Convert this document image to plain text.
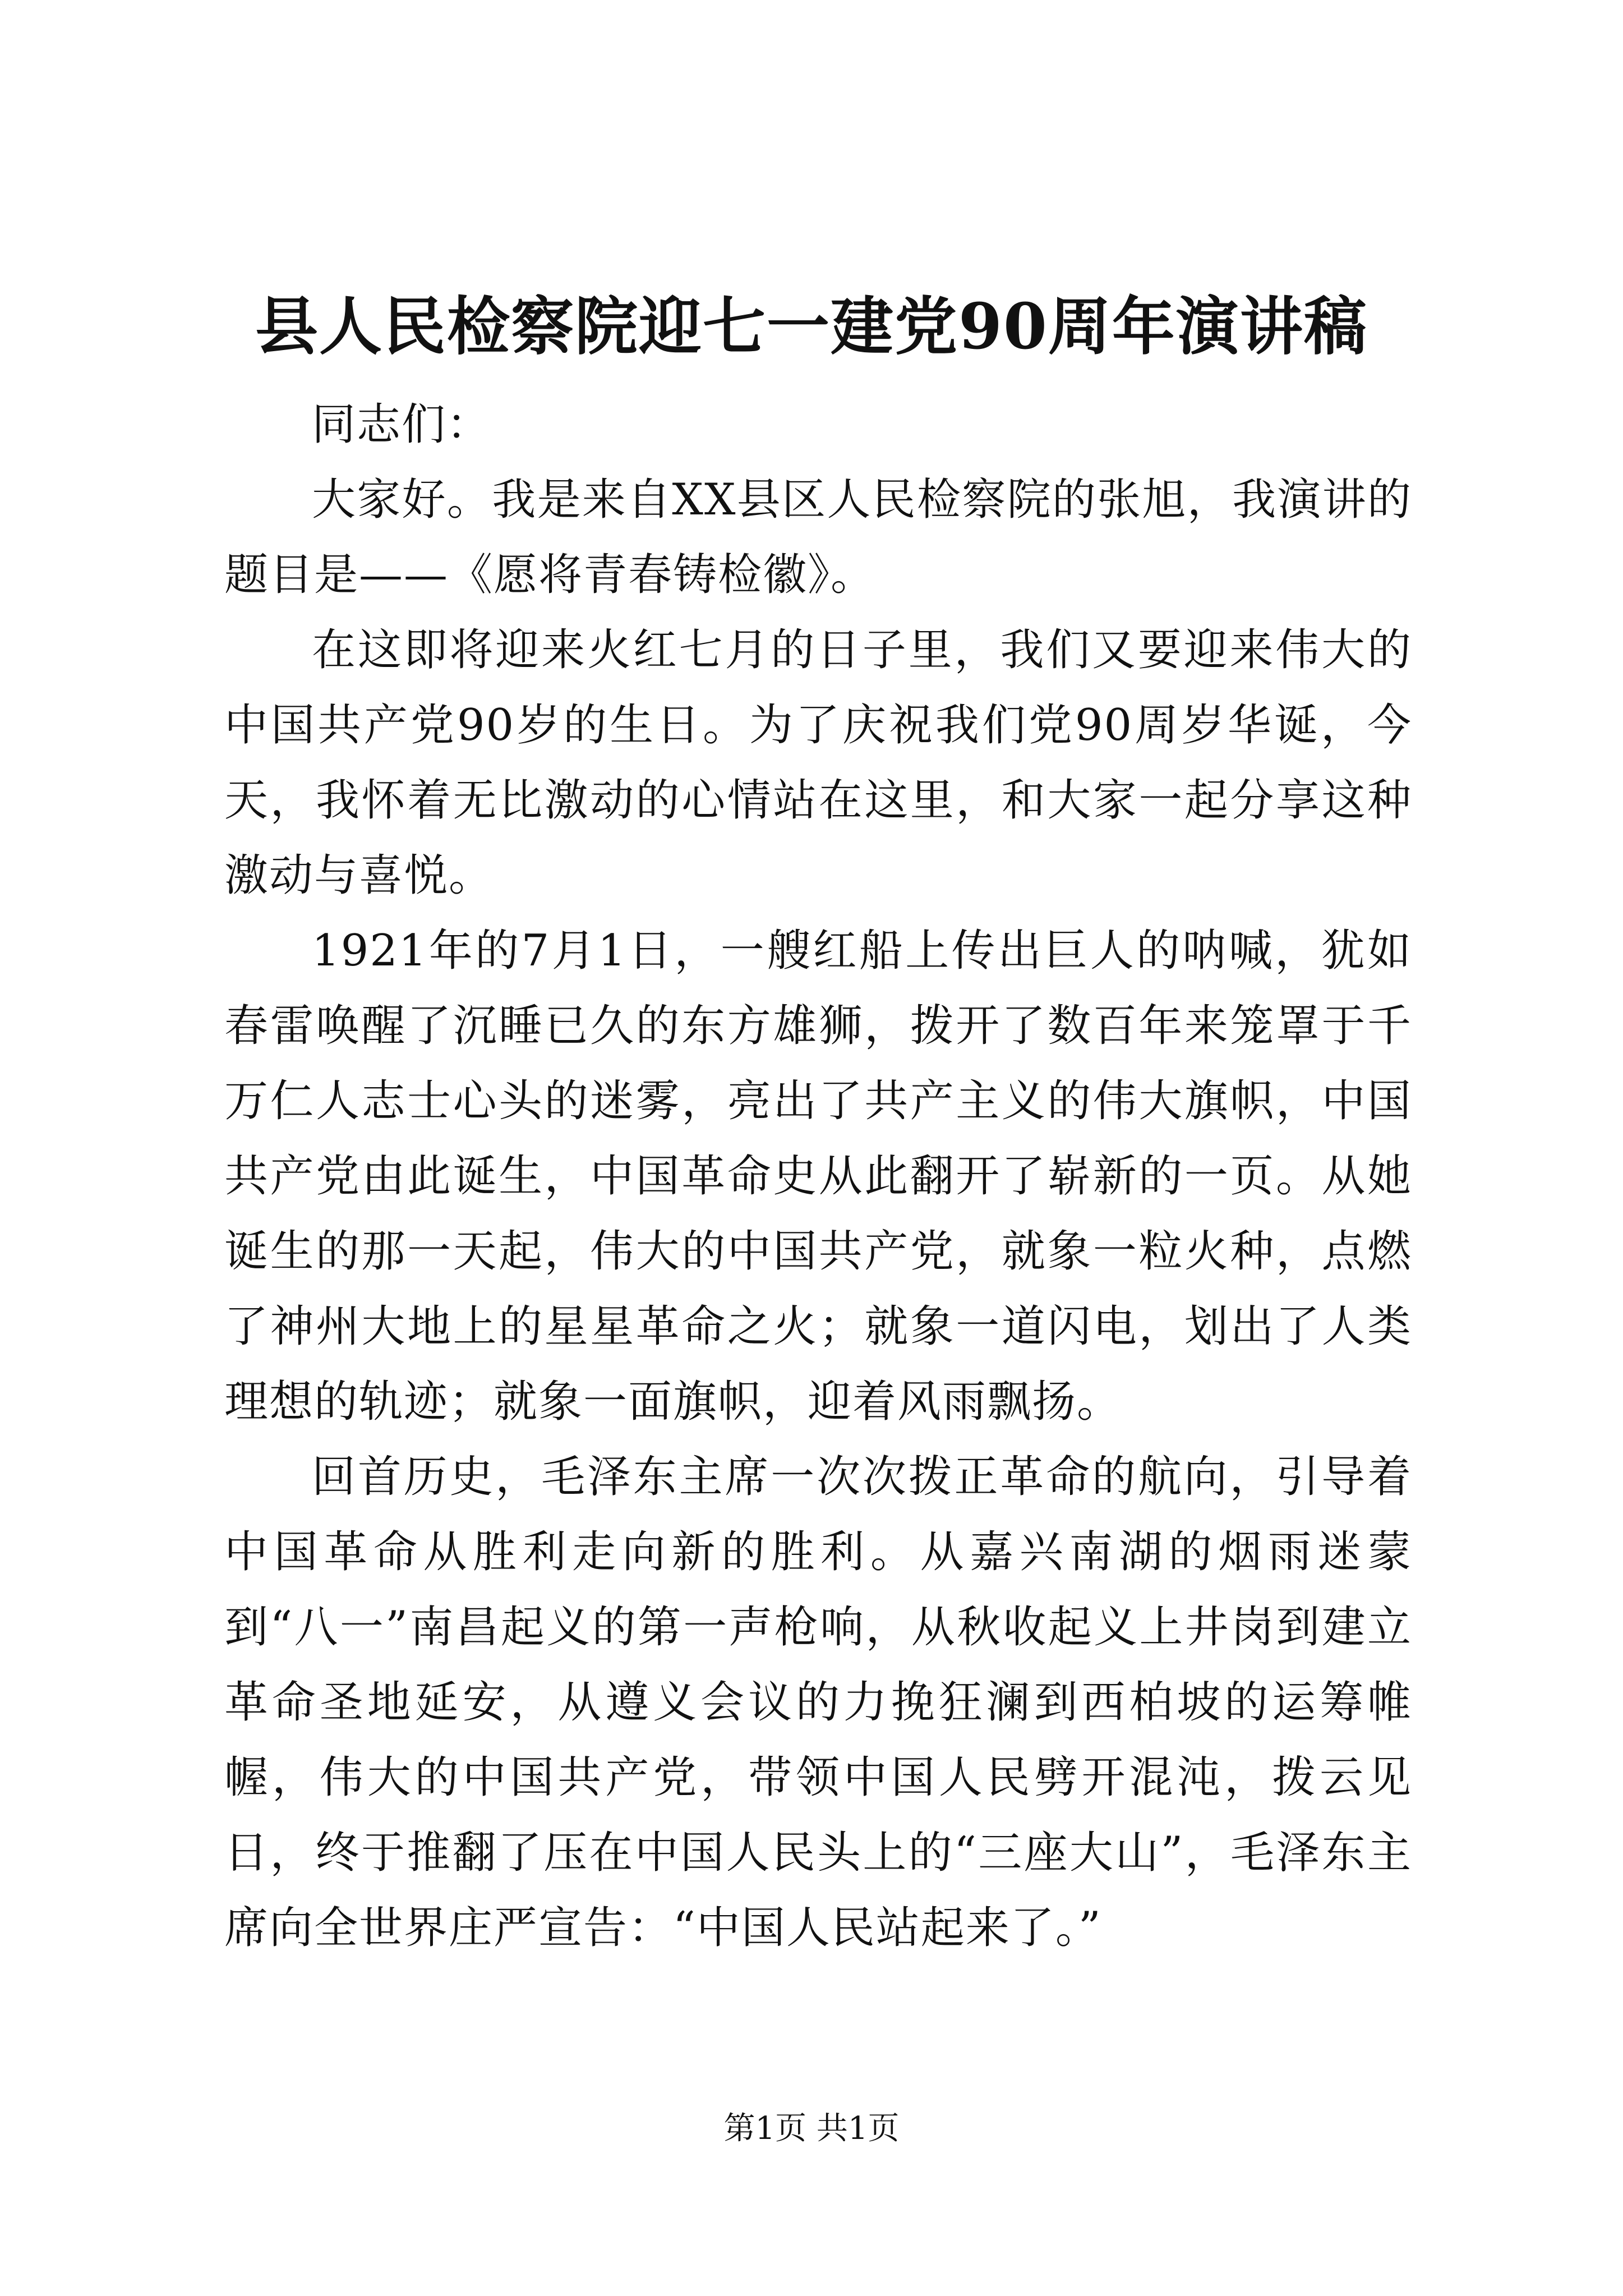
县人民检察院迎七一建党90周年演讲稿

同志们：

大家好。我是来自XX县区人民检察院的张旭，我演讲的题目是——《愿将青春铸检徽》。

在这即将迎来火红七月的日子里，我们又要迎来伟大的中国共产党90岁的生日。为了庆祝我们党90周岁华诞，今天，我怀着无比激动的心情站在这里，和大家一起分享这种激动与喜悦。

1921年的7月1日，一艘红船上传出巨人的呐喊，犹如春雷唤醒了沉睡已久的东方雄狮，拨开了数百年来笼罩于千万仁人志士心头的迷雾，亮出了共产主义的伟大旗帜，中国共产党由此诞生，中国革命史从此翻开了崭新的一页。从她诞生的那一天起，伟大的中国共产党，就象一粒火种，点燃了神州大地上的星星革命之火；就象一道闪电，划出了人类理想的轨迹；就象一面旗帜，迎着风雨飘扬。

回首历史，毛泽东主席一次次拨正革命的航向，引导着中国革命从胜利走向新的胜利。从嘉兴南湖的烟雨迷蒙到“八一”南昌起义的第一声枪响，从秋收起义上井岗到建立革命圣地延安，从遵义会议的力挽狂澜到西柏坡的运筹帷幄，伟大的中国共产党，带领中国人民劈开混沌，拨云见日，终于推翻了压在中国人民头上的“三座大山”，毛泽东主席向全世界庄严宣告：“中国人民站起来了。”

第1页 共1页
